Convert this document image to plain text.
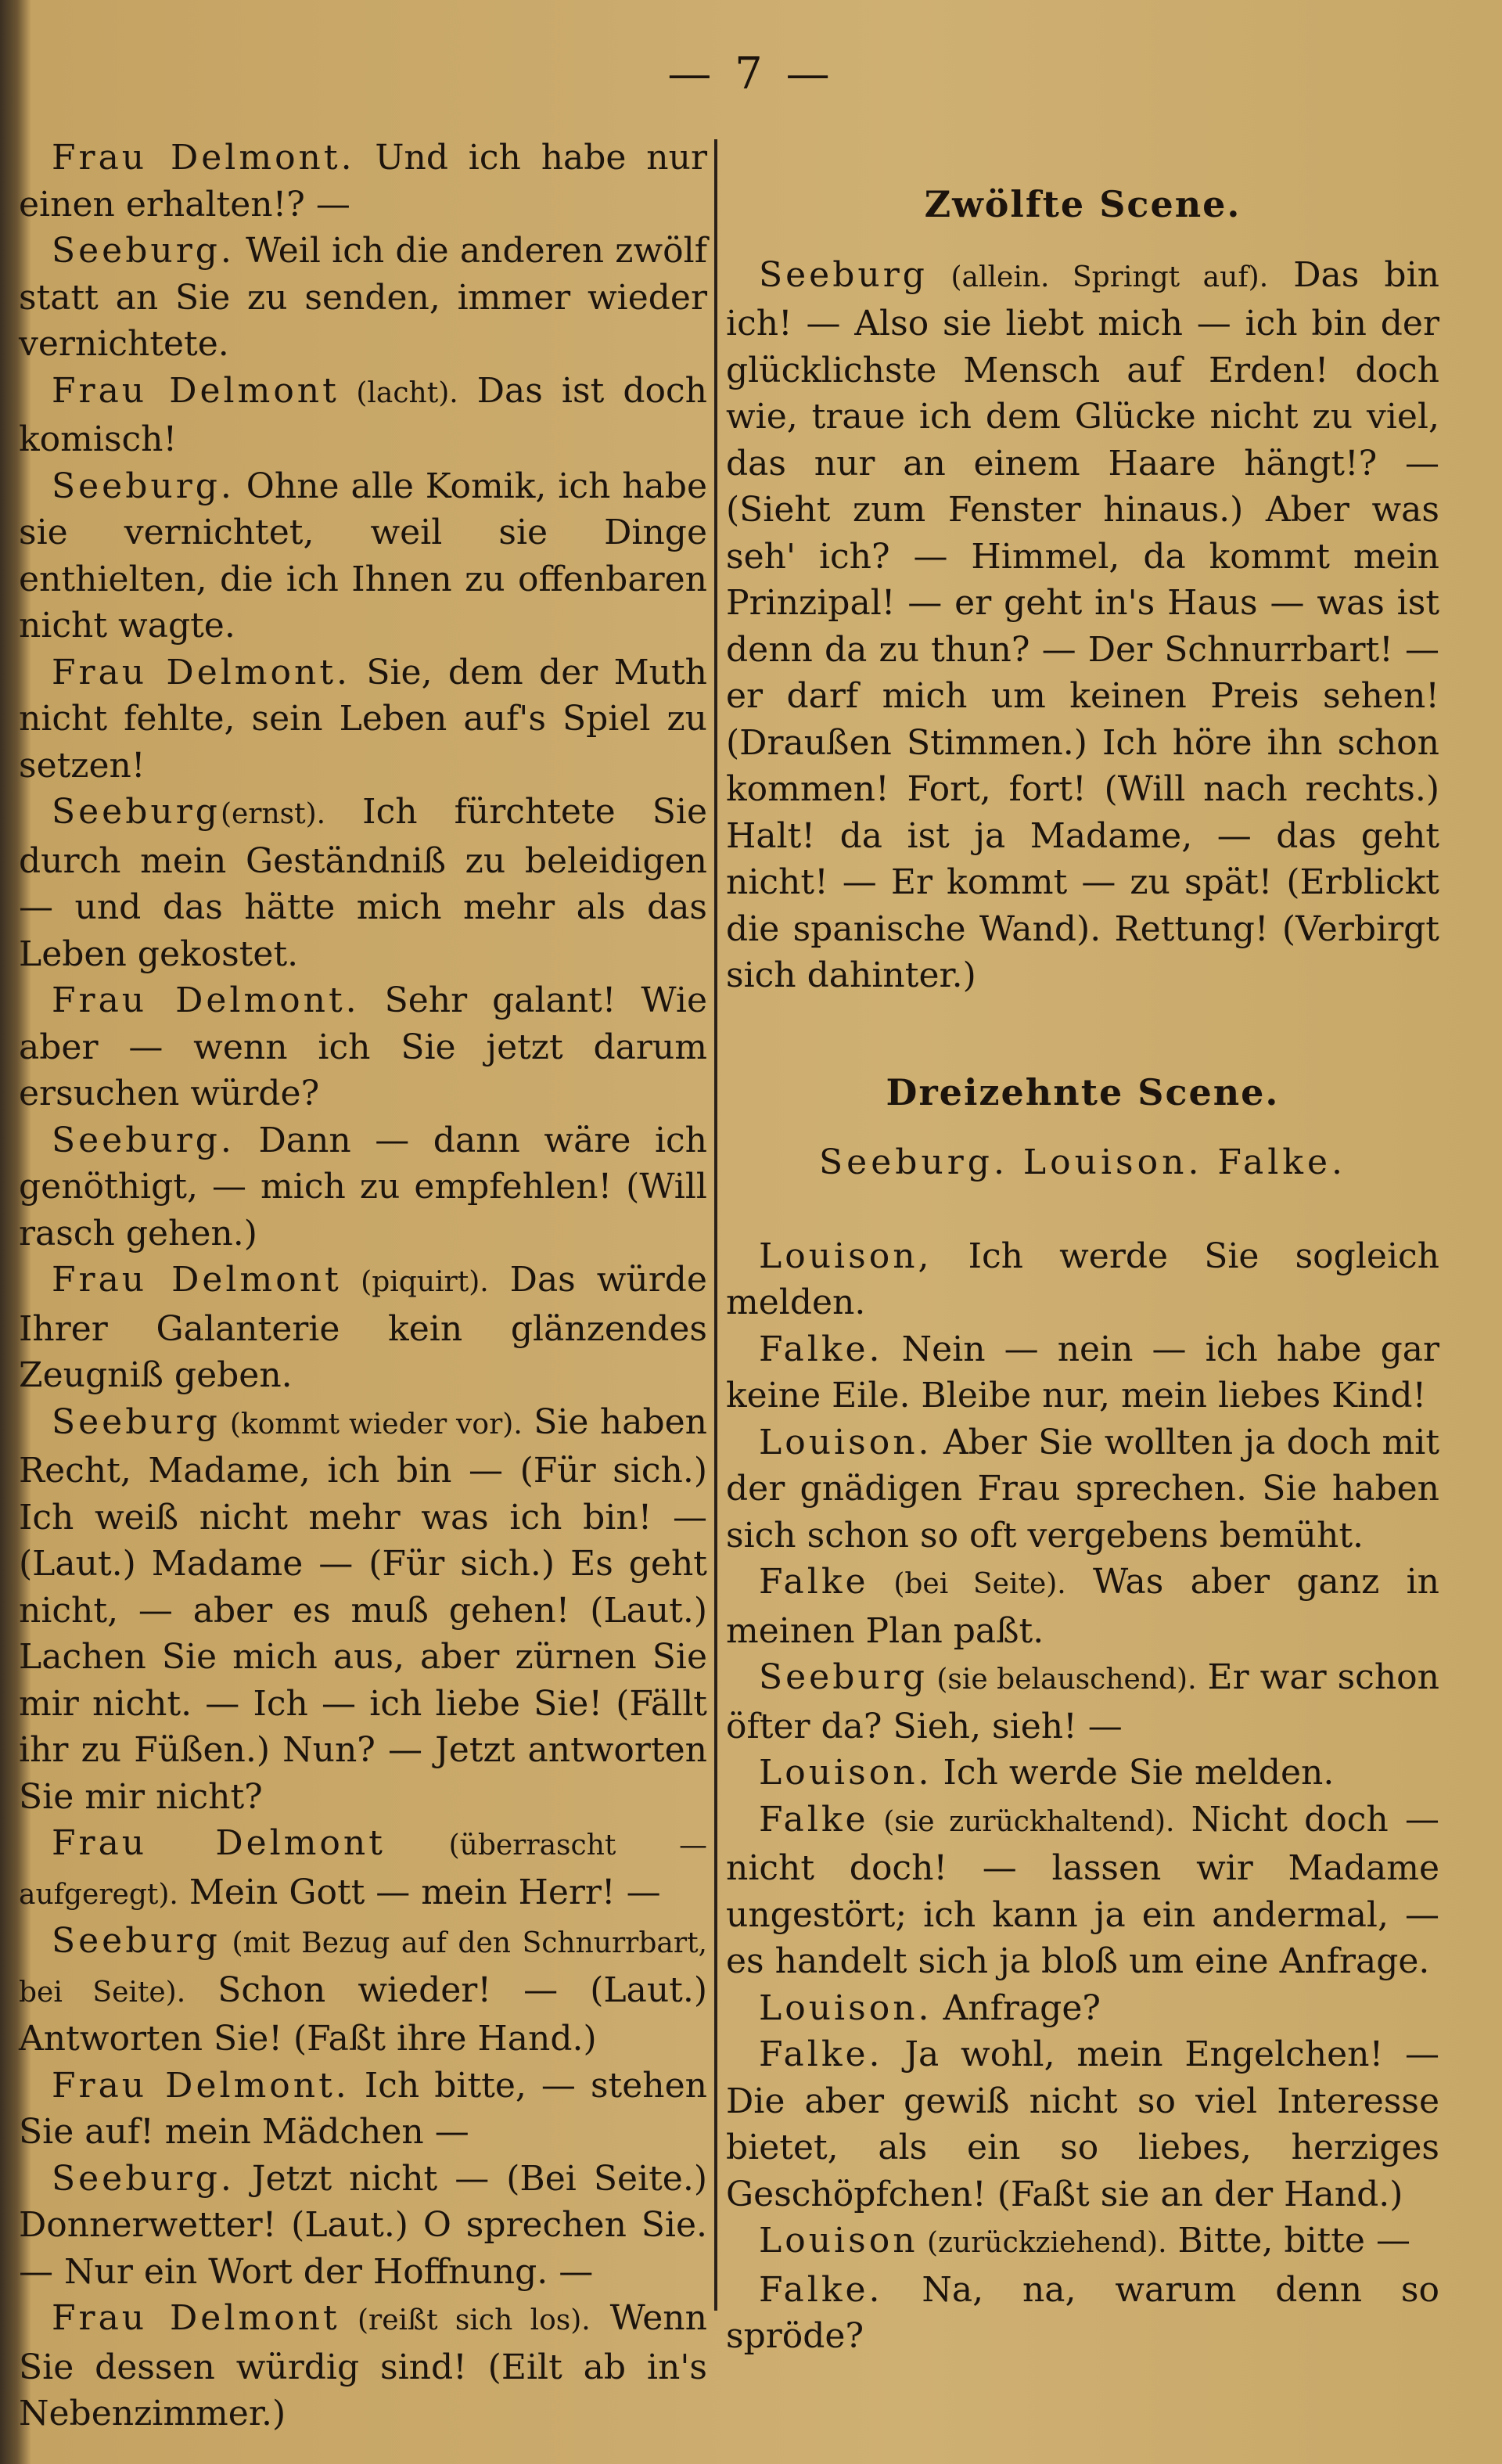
— 7 —

Frau Delmont. Und ich habe nur einen erhalten!? —

Seeburg. Weil ich die anderen zwölf statt an Sie zu senden, immer wieder vernichtete.

Frau Delmont (lacht). Das ist doch komisch!

Seeburg. Ohne alle Komik, ich habe sie vernichtet, weil sie Dinge enthielten, die ich Ihnen zu offenbaren nicht wagte.

Frau Delmont. Sie, dem der Muth nicht fehlte, sein Leben auf's Spiel zu setzen!

Seeburg(ernst). Ich fürchtete Sie durch mein Geständniß zu beleidigen — und das hätte mich mehr als das Leben gekostet.

Frau Delmont. Sehr galant! Wie aber — wenn ich Sie jetzt darum ersuchen würde?

Seeburg. Dann — dann wäre ich genöthigt, — mich zu empfehlen! (Will rasch gehen.)

Frau Delmont (piquirt). Das würde Ihrer Galanterie kein glänzendes Zeugniß geben.

Seeburg (kommt wieder vor). Sie haben Recht, Madame, ich bin — (Für sich.) Ich weiß nicht mehr was ich bin! — (Laut.) Madame — (Für sich.) Es geht nicht, — aber es muß gehen! (Laut.) Lachen Sie mich aus, aber zürnen Sie mir nicht. — Ich — ich liebe Sie! (Fällt ihr zu Füßen.) Nun? — Jetzt antworten Sie mir nicht?

Frau Delmont (überrascht — aufgeregt). Mein Gott — mein Herr! —

Seeburg (mit Bezug auf den Schnurrbart, bei Seite). Schon wieder! — (Laut.) Antworten Sie! (Faßt ihre Hand.)

Frau Delmont. Ich bitte, — stehen Sie auf! mein Mädchen —

Seeburg. Jetzt nicht — (Bei Seite.) Donnerwetter! (Laut.) O sprechen Sie. — Nur ein Wort der Hoffnung. —

Frau Delmont (reißt sich los). Wenn Sie dessen würdig sind! (Eilt ab in's Nebenzimmer.)

Zwölfte Scene.

Seeburg (allein. Springt auf). Das bin ich! — Also sie liebt mich — ich bin der glücklichste Mensch auf Erden! doch wie, traue ich dem Glücke nicht zu viel, das nur an einem Haare hängt!? — (Sieht zum Fenster hinaus.) Aber was seh' ich? — Himmel, da kommt mein Prinzipal! — er geht in's Haus — was ist denn da zu thun? — Der Schnurrbart! — er darf mich um keinen Preis sehen! (Draußen Stimmen.) Ich höre ihn schon kommen! Fort, fort! (Will nach rechts.) Halt! da ist ja Madame, — das geht nicht! — Er kommt — zu spät! (Erblickt die spanische Wand). Rettung! (Verbirgt sich dahinter.)

Dreizehnte Scene.

Seeburg. Louison. Falke.

Louison, Ich werde Sie sogleich melden.

Falke. Nein — nein — ich habe gar keine Eile. Bleibe nur, mein liebes Kind!

Louison. Aber Sie wollten ja doch mit der gnädigen Frau sprechen. Sie haben sich schon so oft vergebens bemüht.

Falke (bei Seite). Was aber ganz in meinen Plan paßt.

Seeburg (sie belauschend). Er war schon öfter da? Sieh, sieh! —

Louison. Ich werde Sie melden.

Falke (sie zurückhaltend). Nicht doch — nicht doch! — lassen wir Madame ungestört; ich kann ja ein andermal, — es handelt sich ja bloß um eine Anfrage.

Louison. Anfrage?

Falke. Ja wohl, mein Engelchen! — Die aber gewiß nicht so viel Interesse bietet, als ein so liebes, herziges Geschöpfchen! (Faßt sie an der Hand.)

Louison (zurückziehend). Bitte, bitte —

Falke. Na, na, warum denn so spröde?
